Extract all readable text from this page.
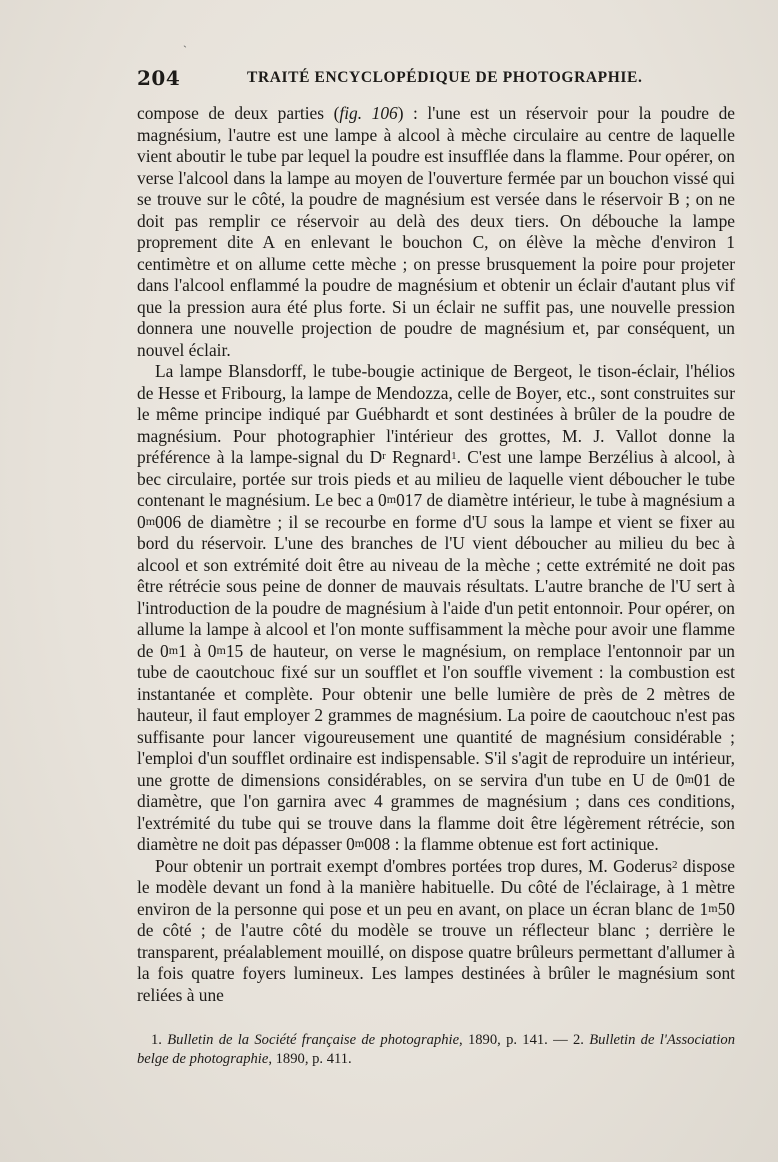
ˎ
204	TRAITÉ ENCYCLOPÉDIQUE DE PHOTOGRAPHIE.

compose de deux parties (fig. 106) : l'une est un réservoir pour la poudre de magnésium, l'autre est une lampe à alcool à mèche circulaire au centre de laquelle vient aboutir le tube par lequel la poudre est insufflée dans la flamme. Pour opérer, on verse l'alcool dans la lampe au moyen de l'ouverture fermée par un bouchon vissé qui se trouve sur le côté, la poudre de magnésium est versée dans le réservoir B ; on ne doit pas remplir ce réservoir au delà des deux tiers. On débouche la lampe proprement dite A en enlevant le bouchon C, on élève la mèche d'environ 1 centimètre et on allume cette mèche ; on presse brusquement la poire pour projeter dans l'alcool enflammé la poudre de magnésium et obtenir un éclair d'autant plus vif que la pression aura été plus forte. Si un éclair ne suffit pas, une nouvelle pression donnera une nouvelle projection de poudre de magnésium et, par conséquent, un nouvel éclair.

La lampe Blansdorff, le tube-bougie actinique de Bergeot, le tison-éclair, l'hélios de Hesse et Fribourg, la lampe de Mendozza, celle de Boyer, etc., sont construites sur le même principe indiqué par Guébhardt et sont destinées à brûler de la poudre de magnésium. Pour photographier l'intérieur des grottes, M. J. Vallot donne la préférence à la lampe-signal du $D^r$ Regnard$^1$. C'est une lampe Berzélius à alcool, à bec circulaire, portée sur trois pieds et au milieu de laquelle vient déboucher le tube contenant le magnésium. Le bec a 0m017 de diamètre intérieur, le tube à magnésium a 0m006 de diamètre ; il se recourbe en forme d'U sous la lampe et vient se fixer au bord du réservoir. L'une des branches de l'U vient déboucher au milieu du bec à alcool et son extrémité doit être au niveau de la mèche ; cette extrémité ne doit pas être rétrécie sous peine de donner de mauvais résultats. L'autre branche de l'U sert à l'introduction de la poudre de magnésium à l'aide d'un petit entonnoir. Pour opérer, on allume la lampe à alcool et l'on monte suffisamment la mèche pour avoir une flamme de 0m1 à 0m15 de hauteur, on verse le magnésium, on remplace l'entonnoir par un tube de caoutchouc fixé sur un soufflet et l'on souffle vivement : la combustion est instantanée et complète. Pour obtenir une belle lumière de près de 2 mètres de hauteur, il faut employer 2 grammes de magnésium. La poire de caoutchouc n'est pas suffisante pour lancer vigoureusement une quantité de magnésium considérable ; l'emploi d'un soufflet ordinaire est indispensable. S'il s'agit de reproduire un intérieur, une grotte de dimensions considérables, on se servira d'un tube en U de 0m01 de diamètre, que l'on garnira avec 4 grammes de magnésium ; dans ces conditions, l'extrémité du tube qui se trouve dans la flamme doit être légèrement rétrécie, son diamètre ne doit pas dépasser 0m008 : la flamme obtenue est fort actinique.

Pour obtenir un portrait exempt d'ombres portées trop dures, M. Goderus$^2$ dispose le modèle devant un fond à la manière habituelle. Du côté de l'éclairage, à 1 mètre environ de la personne qui pose et un peu en avant, on place un écran blanc de 1m50 de côté ; de l'autre côté du modèle se trouve un réflecteur blanc ; derrière le transparent, préalablement mouillé, on dispose quatre brûleurs permettant d'allumer à la fois quatre foyers lumineux. Les lampes destinées à brûler le magnésium sont reliées à une

1. Bulletin de la Société française de photographie, 1890, p. 141. — 2. Bulletin de l'Association belge de photographie, 1890, p. 411.
